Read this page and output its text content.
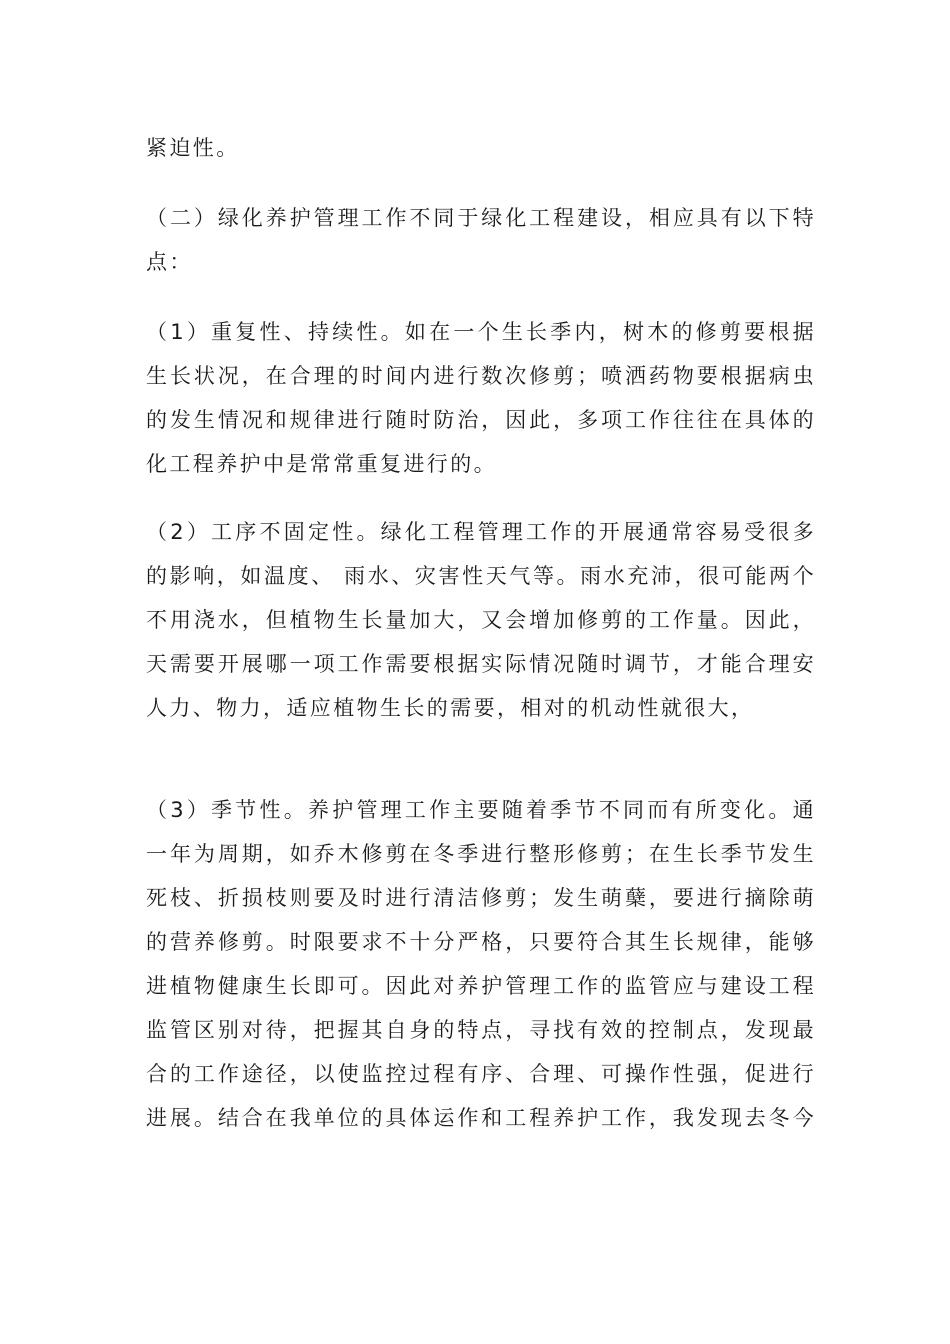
紧迫性。
（二）绿化养护管理工作不同于绿化工程建设，相应具有以下特
点：
（1）重复性、持续性。如在一个生长季内，树木的修剪要根据
生长状况，在合理的时间内进行数次修剪；喷洒药物要根据病虫
的发生情况和规律进行随时防治，因此，多项工作往往在具体的
化工程养护中是常常重复进行的。
（2）工序不固定性。绿化工程管理工作的开展通常容易受很多
的影响，如温度、 雨水、灾害性天气等。雨水充沛，很可能两个
不用浇水，但植物生长量加大，又会增加修剪的工作量。因此，
天需要开展哪一项工作需要根据实际情况随时调节，才能合理安
人力、物力，适应植物生长的需要，相对的机动性就很大，
（3）季节性。养护管理工作主要随着季节不同而有所变化。通
一年为周期，如乔木修剪在冬季进行整形修剪；在生长季节发生
死枝、折损枝则要及时进行清洁修剪；发生萌蘖，要进行摘除萌
的营养修剪。时限要求不十分严格，只要符合其生长规律，能够
进植物健康生长即可。因此对养护管理工作的监管应与建设工程
监管区别对待，把握其自身的特点，寻找有效的控制点，发现最
合的工作途径，以使监控过程有序、合理、可操作性强，促进行
进展。结合在我单位的具体运作和工程养护工作，我发现去冬今
